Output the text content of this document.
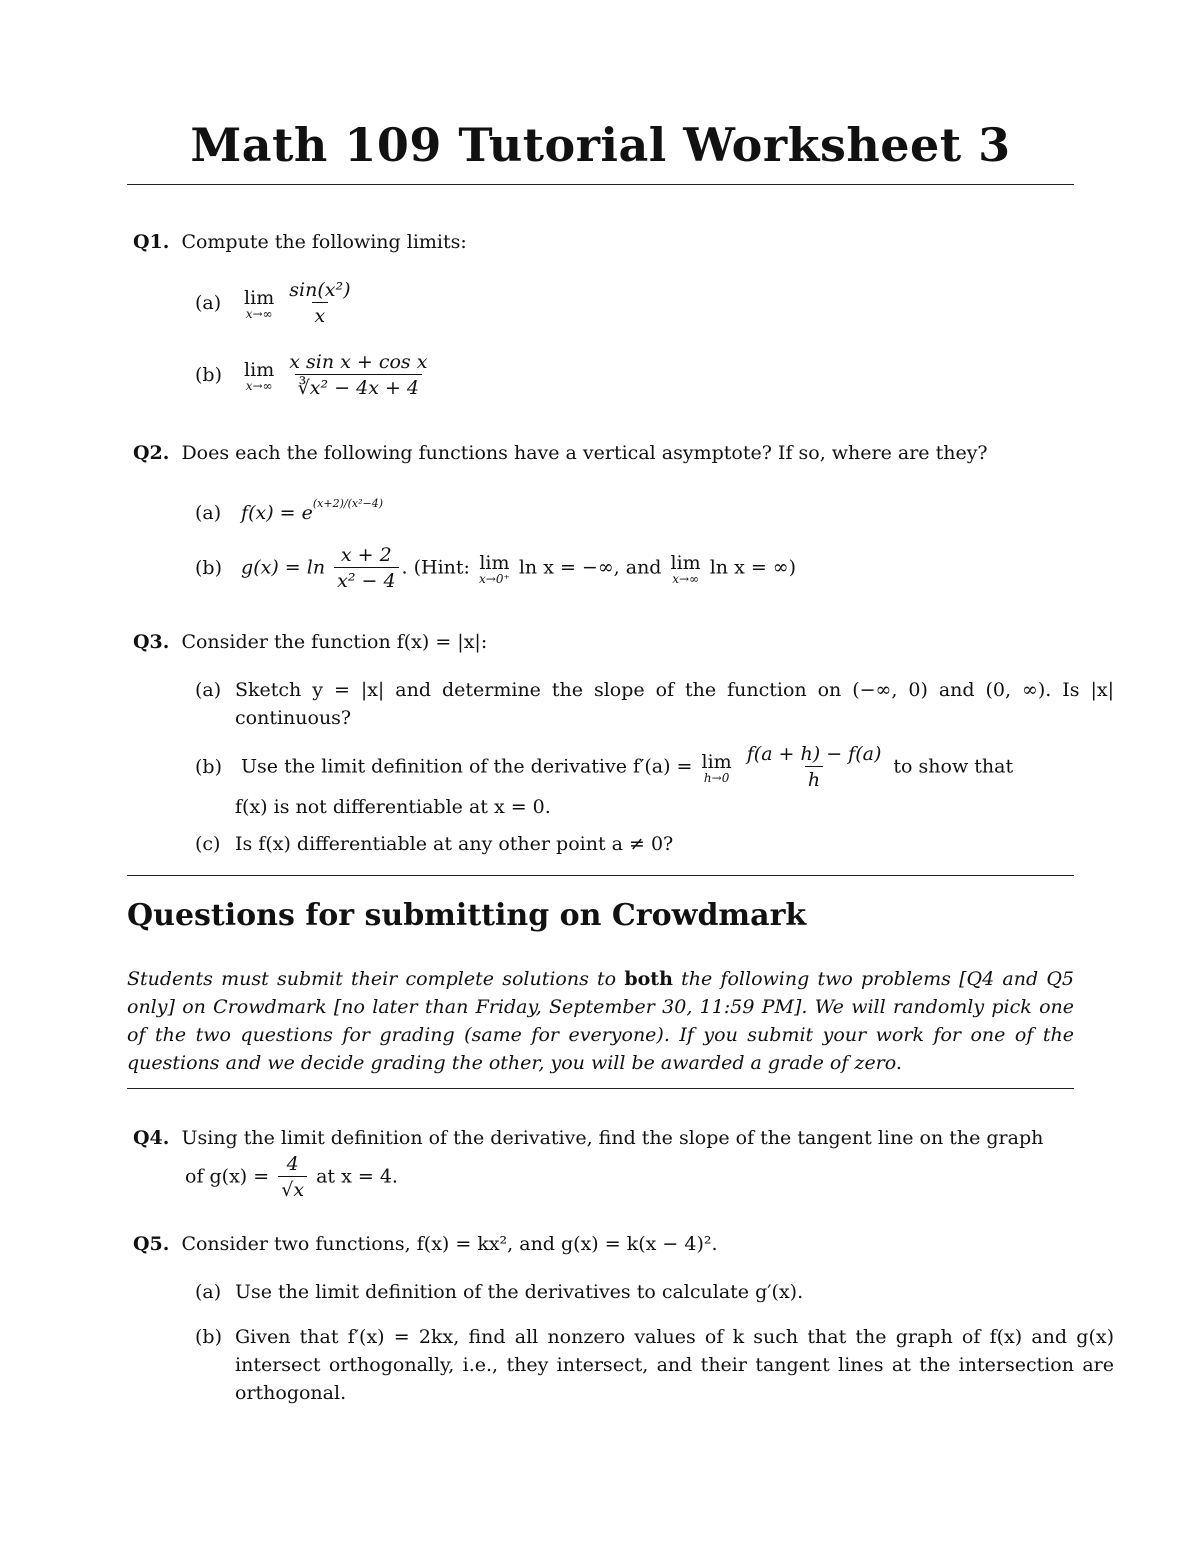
Math 109 Tutorial Worksheet 3
Q1. Compute the following limits:
(a) lim
x→∞
$\frac{\text{sin(x²)}}{x}$
(b) lim
x→∞
$\frac{\text{x sin x + cos x}}{\text{∛x² − 4x + 4}}$
Q2. Does each the following functions have a vertical asymptote? If so, where are they?
(a) $f(x) = e^{(x+2)/(x^2-4)}$
(b) $g(x) = \ln \frac{x + 2}{\text{x² − 4}}$ . (Hint: lim
x→0⁺ ln x = −∞, and lim
x→∞ ln x = ∞)
Q3. Consider the function f(x) = |x|:
(a) Sketch y = |x| and determine the slope of the function on (−∞, 0) and (0, ∞). Is |x| continuous?
(b) Use the limit definition of the derivative f′(a) = lim
h→0
$\frac{f(a + h) - f(a)}{h}$ to show that
f(x) is not differentiable at x = 0.
(c) Is f(x) differentiable at any other point a ≠ 0?
Questions for submitting on Crowdmark
Students must submit their complete solutions to both the following two problems [Q4 and Q5 only] on Crowdmark [no later than Friday, September 30, 11:59 PM]. We will randomly pick one of the two questions for grading (same for everyone). If you submit your work for one of the questions and we decide grading the other, you will be awarded a grade of zero.
Q4. Using the limit definition of the derivative, find the slope of the tangent line on the graph
of $g(x) = \frac{4}{√x}$ at x = 4.
Q5. Consider two functions, f(x) = kx², and g(x) = k(x − 4)².
(a) Use the limit definition of the derivatives to calculate g′(x).
(b) Given that f′(x) = 2kx, find all nonzero values of k such that the graph of f(x) and g(x) intersect orthogonally, i.e., they intersect, and their tangent lines at the intersection are orthogonal.
